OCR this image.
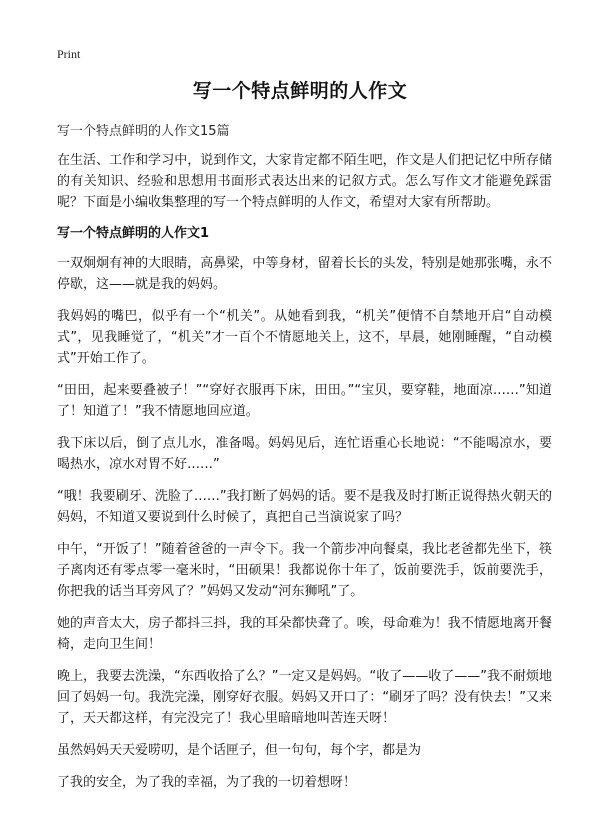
Print
写一个特点鲜明的人作文
写一个特点鲜明的人作文15篇

在生活、工作和学习中，说到作文，大家肯定都不陌生吧，作文是人们把记忆中所存储的有关知识、经验和思想用书面形式表达出来的记叙方式。怎么写作文才能避免踩雷呢？下面是小编收集整理的写一个特点鲜明的人作文，希望对大家有所帮助。

写一个特点鲜明的人作文1

一双炯炯有神的大眼睛，高鼻梁，中等身材，留着长长的头发，特别是她那张嘴，永不停歇，这——就是我的妈妈。

我妈妈的嘴巴，似乎有一个“机关”。从她看到我，“机关”便情不自禁地开启“自动模式”，见我睡觉了，“机关”才一百个不情愿地关上，这不，早晨，她刚睡醒，“自动模式”开始工作了。

“田田，起来要叠被子！”“穿好衣服再下床，田田。”“宝贝，要穿鞋，地面凉……”知道了！知道了！”我不情愿地回应道。

我下床以后，倒了点儿水，准备喝。妈妈见后，连忙语重心长地说：“不能喝凉水，要喝热水，凉水对胃不好……”

“哦！我要刷牙、洗脸了……”我打断了妈妈的话。要不是我及时打断正说得热火朝天的妈妈，不知道又要说到什么时候了，真把自己当演说家了吗？

中午，“开饭了！”随着爸爸的一声令下。我一个箭步冲向餐桌，我比老爸都先坐下，筷子离肉还有零点零一毫米时，“田硕果！我都说你十年了，饭前要洗手，饭前要洗手，你把我的话当耳旁风了？”妈妈又发动“河东狮吼”了。

她的声音太大，房子都抖三抖，我的耳朵都快聋了。唉，母命难为！我不情愿地离开餐椅，走向卫生间！

晚上，我要去洗澡，“东西收拾了么？”一定又是妈妈。“收了——收了——”我不耐烦地回了妈妈一句。我洗完澡，刚穿好衣服。妈妈又开口了：“刷牙了吗？没有快去！”又来了，天天都这样，有完没完了！我心里暗暗地叫苦连天呀！

虽然妈妈天天爱唠叨，是个话匣子，但一句句，每个字，都是为

了我的安全，为了我的幸福，为了我的一切着想呀！
